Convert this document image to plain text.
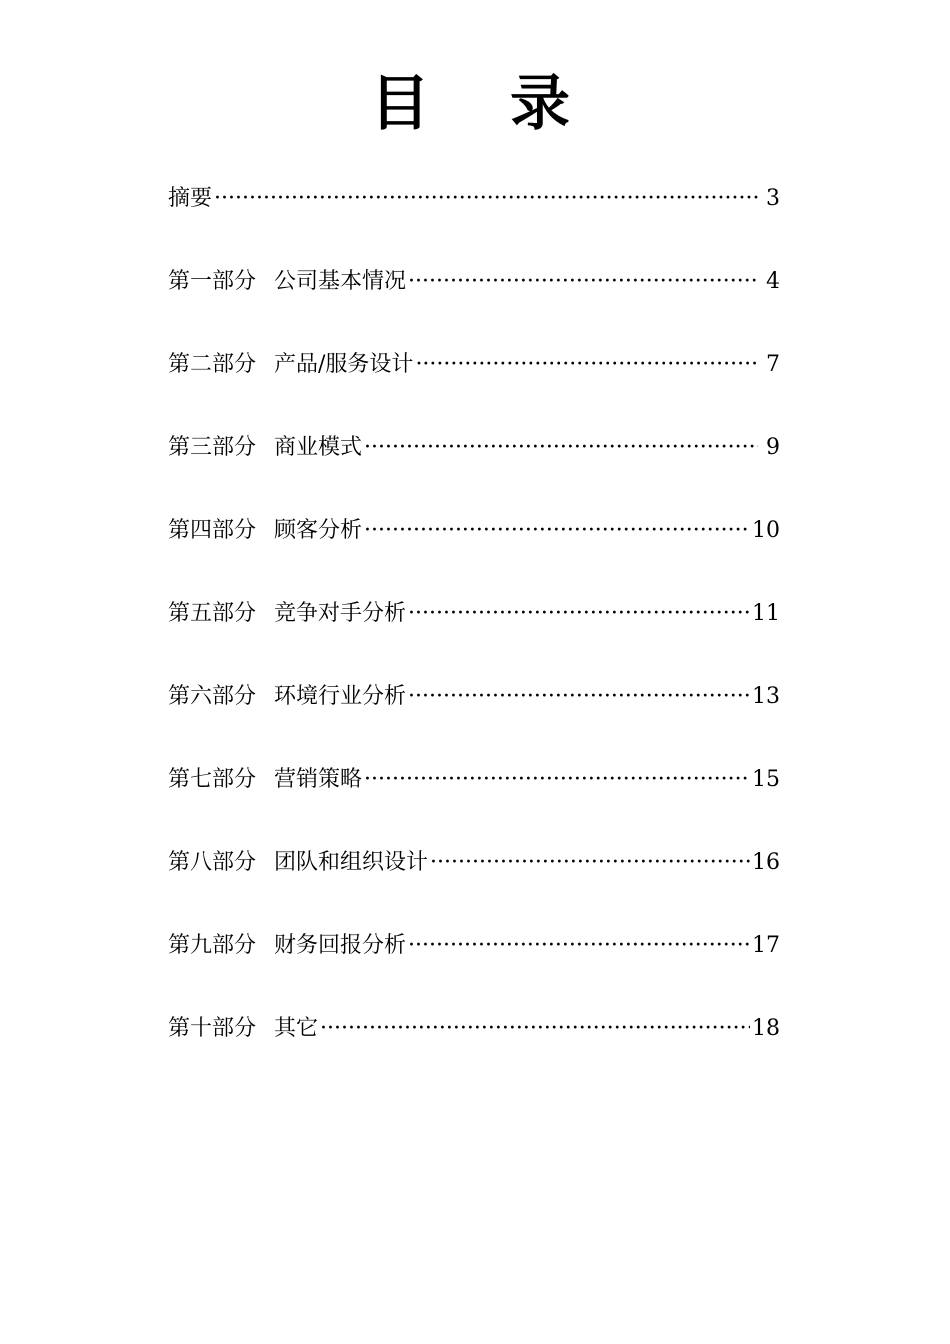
目录
摘要 ·····	3
第一部分 公司基本情况 ·····	4
第二部分 产品/服务设计 ·····	7
第三部分 商业模式 ·····	9
第四部分 顾客分析 ·····	10
第五部分 竞争对手分析 ·····	11
第六部分 环境行业分析 ·····	13
第七部分 营销策略 ·····	15
第八部分 团队和组织设计 ·····	16
第九部分 财务回报分析 ·····	17
第十部分 其它 ·····	18
